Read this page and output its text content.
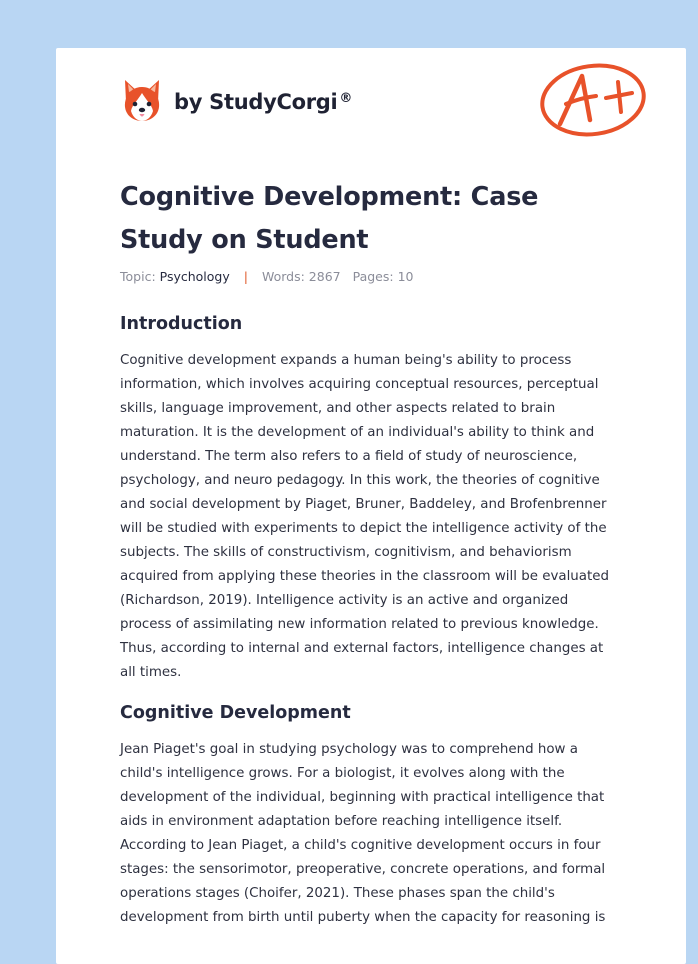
by StudyCorgi ®
Cognitive Development: Case Study on Student
Topic: Psychology | Words: 2867 Pages: 10
Introduction

Cognitive development expands a human being's ability to process
information, which involves acquiring conceptual resources, perceptual
skills, language improvement, and other aspects related to brain
maturation. It is the development of an individual's ability to think and
understand. The term also refers to a field of study of neuroscience,
psychology, and neuro pedagogy. In this work, the theories of cognitive
and social development by Piaget, Bruner, Baddeley, and Brofenbrenner
will be studied with experiments to depict the intelligence activity of the
subjects. The skills of constructivism, cognitivism, and behaviorism
acquired from applying these theories in the classroom will be evaluated
(Richardson, 2019). Intelligence activity is an active and organized
process of assimilating new information related to previous knowledge.
Thus, according to internal and external factors, intelligence changes at
all times.

Cognitive Development

Jean Piaget's goal in studying psychology was to comprehend how a
child's intelligence grows. For a biologist, it evolves along with the
development of the individual, beginning with practical intelligence that
aids in environment adaptation before reaching intelligence itself.
According to Jean Piaget, a child's cognitive development occurs in four
stages: the sensorimotor, preoperative, concrete operations, and formal
operations stages (Choifer, 2021). These phases span the child's
development from birth until puberty when the capacity for reasoning is
